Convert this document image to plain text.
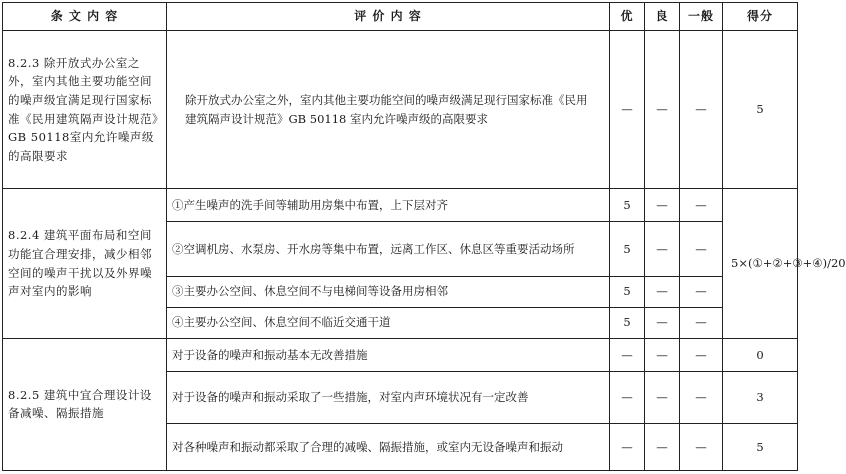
条 文 内 容	评 价 内 容	优	良	一般	得分
8.2.3 除开放式办公室之外，室内其他主要功能空间的噪声级宜满足现行国家标准《民用建筑隔声设计规范》GB 50118室内允许噪声级的高限要求	除开放式办公室之外，室内其他主要功能空间的噪声级满足现行国家标准《民用建筑隔声设计规范》GB 50118 室内允许噪声级的高限要求	—	—	—	5
8.2.4 建筑平面布局和空间功能宜合理安排，减少相邻空间的噪声干扰以及外界噪声对室内的影响	①产生噪声的洗手间等辅助用房集中布置，上下层对齐	5	—	—	5×(①+②+③+④)/20
	②空调机房、水泵房、开水房等集中布置，远离工作区、休息区等重要活动场所	5	—	—	
	③主要办公空间、休息空间不与电梯间等设备用房相邻	5	—	—	
	④主要办公空间、休息空间不临近交通干道	5	—	—	
8.2.5 建筑中宜合理设计设备减噪、隔振措施	对于设备的噪声和振动基本无改善措施	—	—	—	0
	对于设备的噪声和振动采取了一些措施，对室内声环境状况有一定改善	—	—	—	3
	对各种噪声和振动都采取了合理的减噪、隔振措施，或室内无设备噪声和振动	—	—	—	5
